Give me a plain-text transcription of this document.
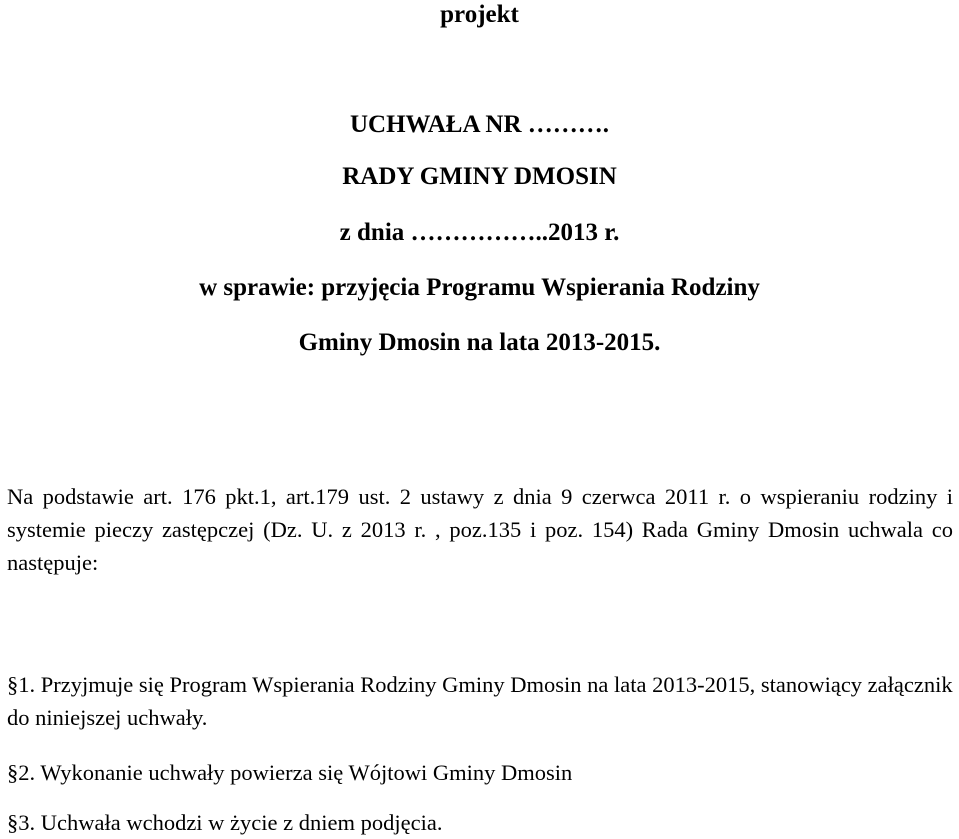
projekt
UCHWAŁA NR ……….
RADY GMINY DMOSIN
z dnia ……………..2013 r.
w sprawie: przyjęcia Programu Wspierania Rodziny
Gminy Dmosin na lata 2013-2015.
Na podstawie art. 176 pkt.1, art.179 ust. 2 ustawy z dnia 9 czerwca 2011 r. o wspieraniu rodziny i systemie pieczy zastępczej (Dz. U. z 2013 r. , poz.135 i poz. 154) Rada Gminy Dmosin uchwala co następuje:
§1. Przyjmuje się Program Wspierania Rodziny Gminy Dmosin na lata 2013-2015, stanowiący załącznik do niniejszej uchwały.
§2. Wykonanie uchwały powierza się Wójtowi Gminy Dmosin
§3. Uchwała wchodzi w życie z dniem podjęcia.
